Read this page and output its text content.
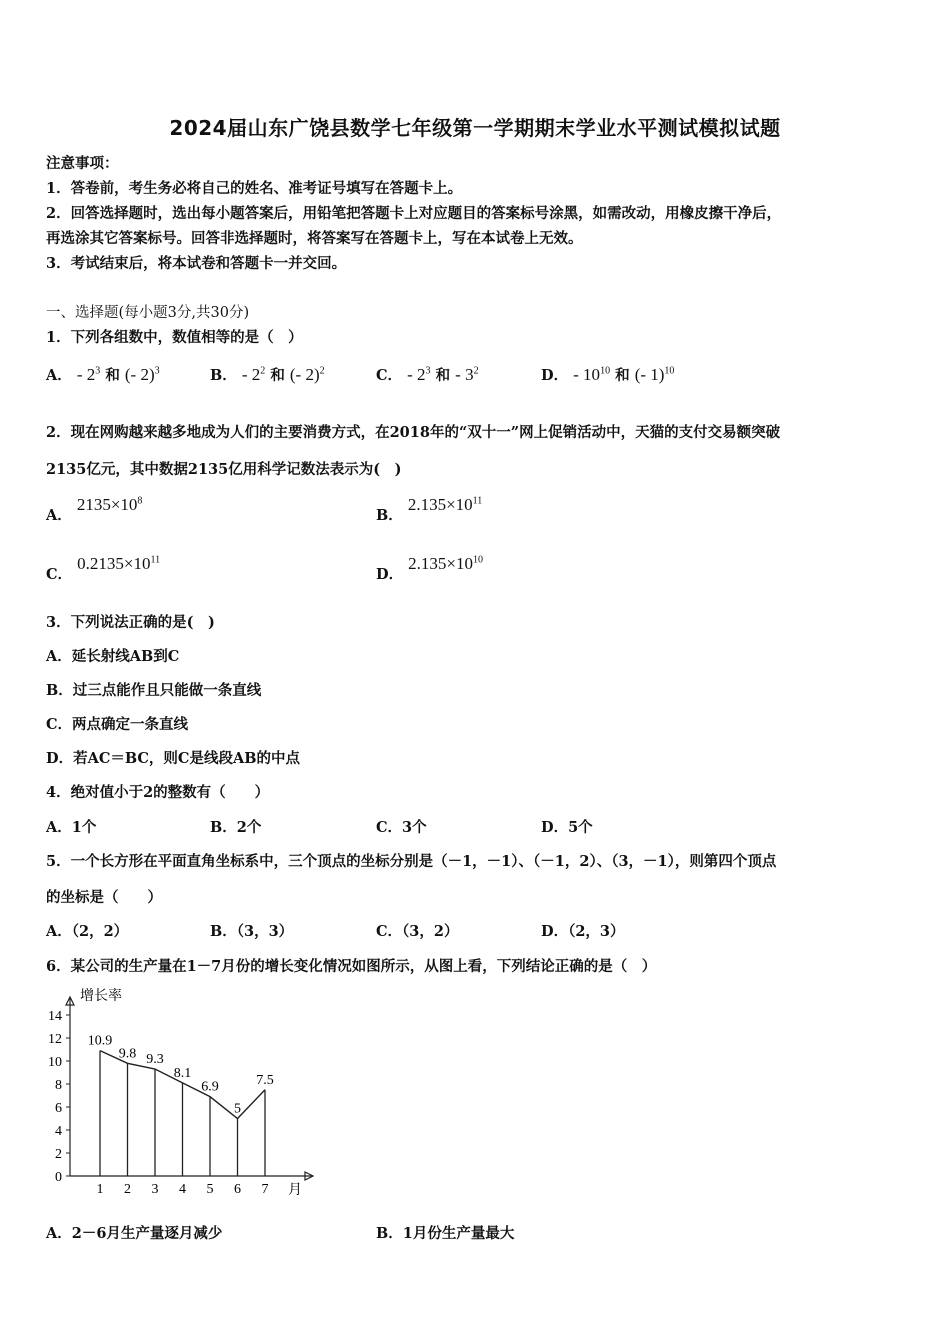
2024届山东广饶县数学七年级第一学期期末学业水平测试模拟试题
注意事项：
1．答卷前，考生务必将自己的姓名、准考证号填写在答题卡上。
2．回答选择题时，选出每小题答案后，用铅笔把答题卡上对应题目的答案标号涂黑，如需改动，用橡皮擦干净后，
再选涂其它答案标号。回答非选择题时，将答案写在答题卡上，写在本试卷上无效。
3．考试结束后，将本试卷和答题卡一并交回。
一、选择题(每小题3分,共30分)
1．下列各组数中，数值相等的是（　）
A． - $2^3$ 和 (- 2)$^3$	B． - $2^2$ 和 (- 2)$^2$	C． - $2^3$ 和 - $3^2$	D． - $10^{10}$ 和 (- 1)$^{10}$
2．现在网购越来越多地成为人们的主要消费方式，在2018年的“双十一”网上促销活动中，天猫的支付交易额突破
2135亿元，其中数据2135亿用科学记数法表示为(　)
A． $2135\times 10^8$
B． $2.135\times 10^{11}$
C． $0.2135\times 10^{11}$
D． $2.135\times 10^{10}$
3．下列说法正确的是(　)
A．延长射线AB到C
B．过三点能作且只能做一条直线
C．两点确定一条直线
D．若AC＝BC，则C是线段AB的中点
4．绝对值小于2的整数有（　　）
A．1个	B．2个	C．3个	D．5个
5．一个长方形在平面直角坐标系中，三个顶点的坐标分别是（－1，－1）、（－1，2）、（3，－1），则第四个顶点
的坐标是（　　）
A．（2，2）	B．（3，3）	C．（3，2）	D．（2，3）
6．某公司的生产量在1－7月份的增长变化情况如图所示，从图上看，下列结论正确的是（　）
0
2
4
6
8
10
12
14
1 2 3 4 5 6 7
10.9
9.8 9.3
8.1
6.9
5
7.5
增长率
月
A．2－6月生产量逐月减少	B．1月份生产量最大
